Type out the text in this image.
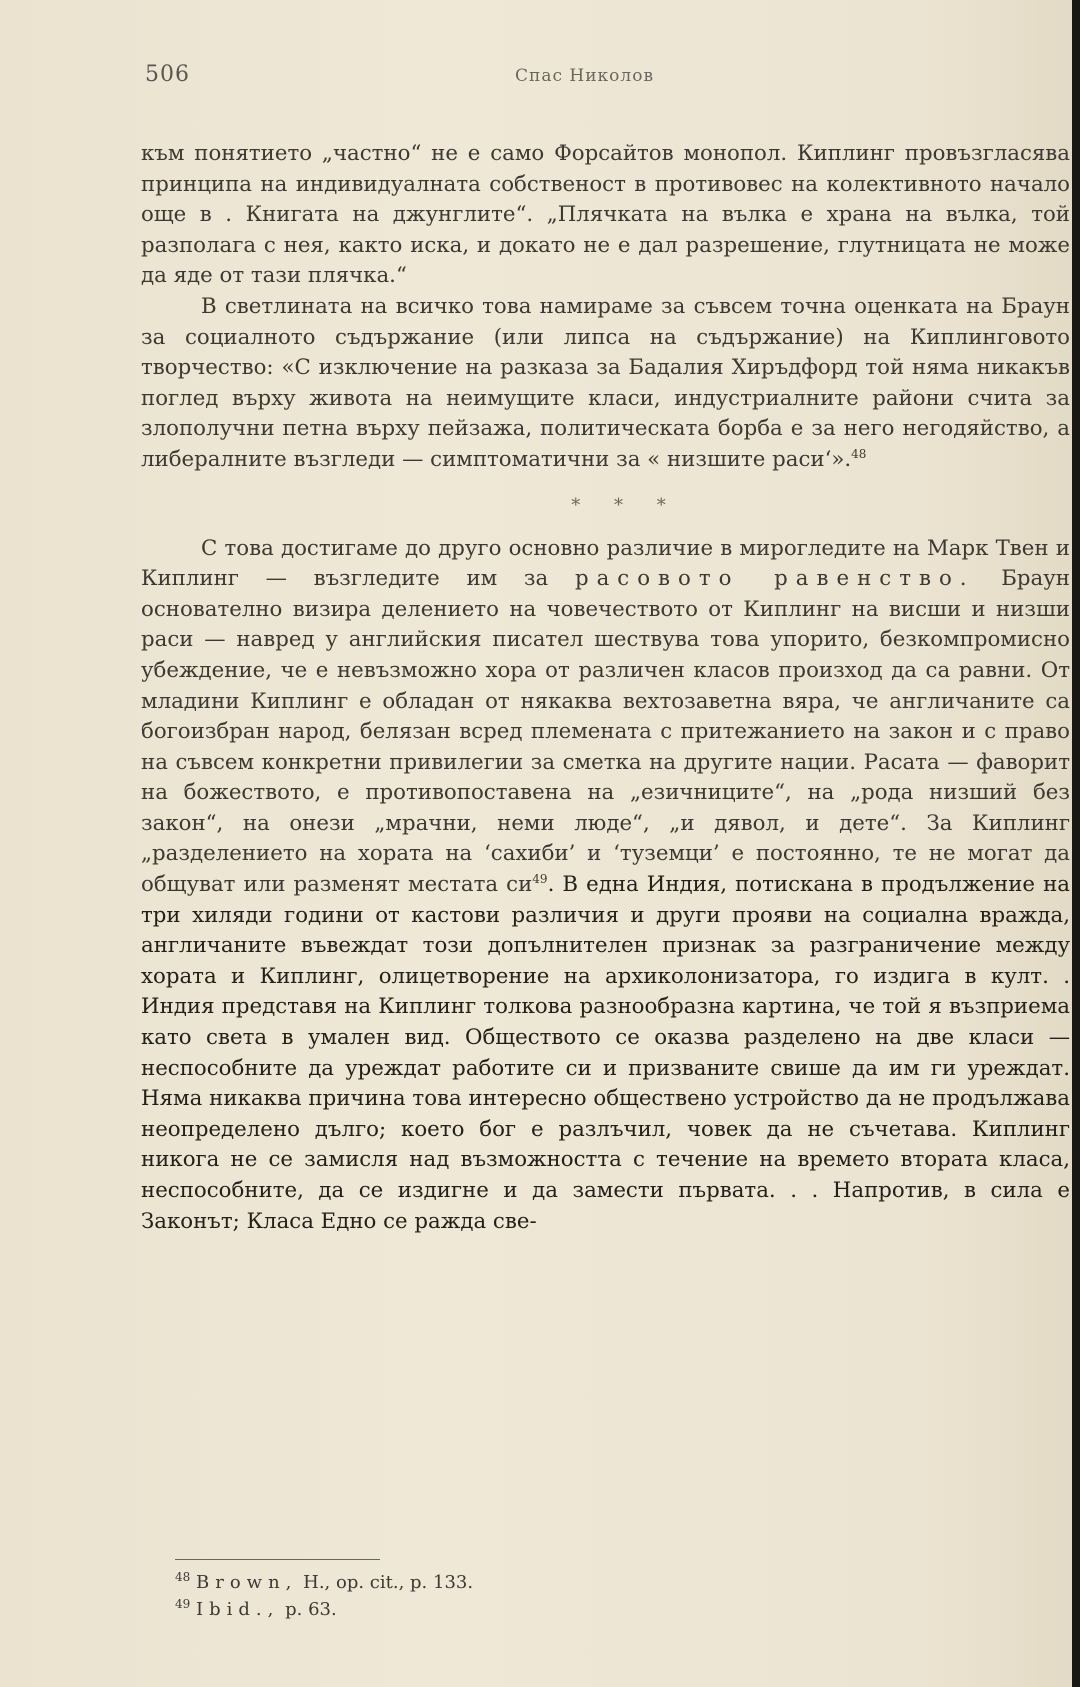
506	Спас Николов

към понятието „частно“ не е само Форсайтов монопол. Киплинг провъзгласява принципа на индивидуалната собственост в противовес на колективното начало още в . Книгата на джунглите“. „Плячката на вълка е храна на вълка, той разполага с нея, както иска, и докато не е дал разрешение, глутницата не може да яде от тази плячка.“

В светлината на всичко това намираме за съвсем точна оценката на Браун за социалното съдържание (или липса на съдържание) на Киплинговото творчество: «С изключение на разказа за Бадалия Хиръдфорд той няма никакъв поглед върху живота на неимущите класи, индустриалните райони счита за злополучни петна върху пейзажа, политическата борба е за него негодяйство, а либералните възгледи — симптоматични за « низшите раси‘».$^{48}$

* * *

С това достигаме до друго основно различие в мирогледите на Марк Твен и Киплинг — възгледите им за расовото равенство. Браун основателно визира делението на човечеството от Киплинг на висши и низши раси — навред у английския писател шествува това упорито, безкомпромисно убеждение, че е невъзможно хора от различен класов произход да са равни. От младини Киплинг е обладан от някаква вехтозаветна вяра, че англичаните са богоизбран народ, белязан всред племената с притежанието на закон и с право на съвсем конкретни привилегии за сметка на другите нации. Расата — фаворит на божеството, е противопоставена на „езичниците“, на „рода низший без закон“, на онези „мрачни, неми люде“, „и дявол, и дете“. За Киплинг „разделението на хората на ‘сахиби’ и ‘туземци’ е постоянно, те не могат да общуват или разменят местата $си^{49}$. В една Индия, потискана в продължение на три хиляди години от кастови различия и други прояви на социална вражда, англичаните въвеждат този допълнителен признак за разграничение между хората и Киплинг, олицетворение на архиколонизатора, го издига в култ. . Индия представя на Киплинг толкова разнообразна картина, че той я възприема като света в умален вид. Обществото се оказва разделено на две класи — неспособните да уреждат работите си и призваните свише да им ги уреждат. Няма никаква причина това интересно обществено устройство да не продължава неопределено дълго; което бог е разлъчил, човек да не съчетава. Киплинг никога не се замисля над възможността с течение на времето втората класа, неспособните, да се издигне и да замести първата. . . Напротив, в сила е Законът; Класа Едно се ражда све-

$^{48}$ Brown, H., op. cit., p. 133.
$^{49}$ Ibid., p. 63.
